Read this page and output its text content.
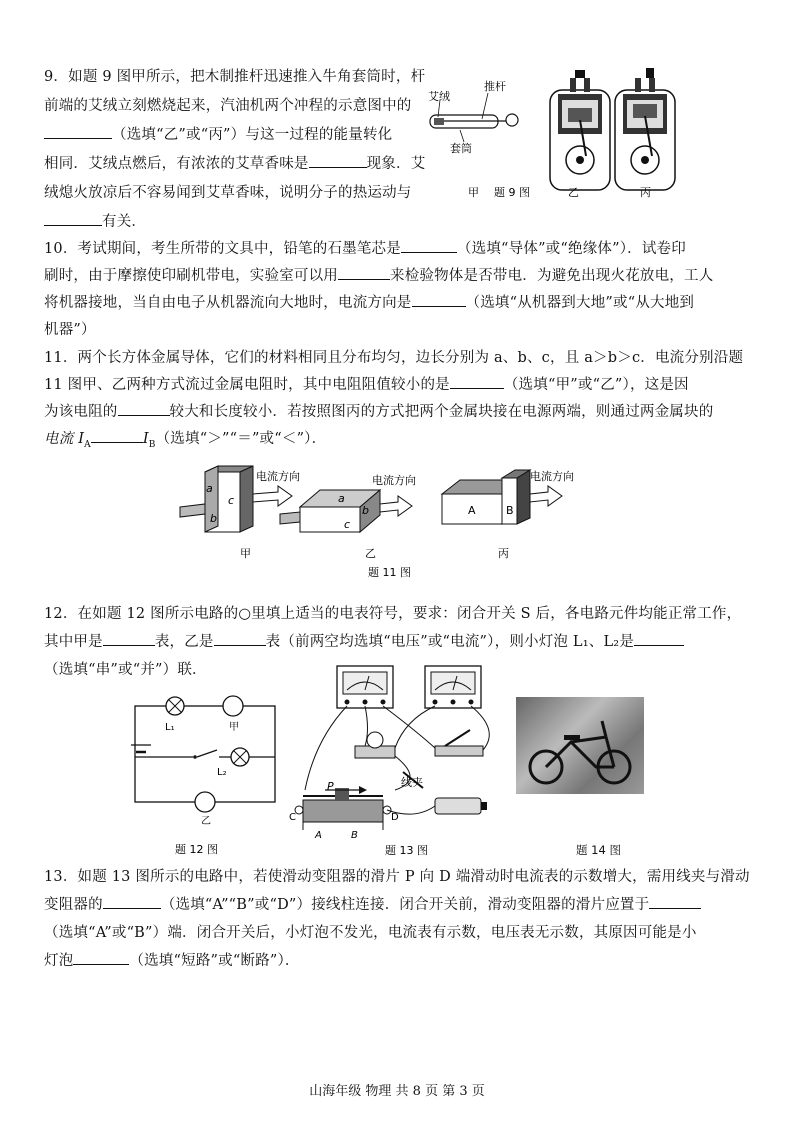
9．如题 9 图甲所示，把木制推杆迅速推入牛角套筒时，杆
前端的艾绒立刻燃烧起来，汽油机两个冲程的示意图中的
（选填“乙”或“丙”）与这一过程的能量转化
相同．艾绒点燃后，有浓浓的艾草香味是	现象．艾
绒熄火放凉后不容易闻到艾草香味，说明分子的热运动与
有关．
艾绒
推杆
套筒
甲 题 9 图	乙	丙
10．考试期间，考生所带的文具中，铅笔的石墨笔芯是	（选填“导体”或“绝缘体”）．试卷印
刷时，由于摩擦使印刷机带电，实验室可以用	来检验物体是否带电．为避免出现火花放电，工人
将机器接地，当自由电子从机器流向大地时，电流方向是	（选填“从机器到大地”或“从大地到
机器”）
11．两个长方体金属导体，它们的材料相同且分布均匀，边长分别为 a、b、c，且 a＞b＞c．电流分别沿题
11 图甲、乙两种方式流过金属电阻时，其中电阻阻值较小的是	（选填“甲”或“乙”），这是因
为该电阻的	较大和长度较小．若按照图丙的方式把两个金属块接在电源两端，则通过两金属块的
电流 $I_A$	$I_B$（选填“＞”“＝”或“＜”）．
a
c
b
电流方向
甲
a
b
c
电流方向
乙
A	B
电流方向
丙
题 11 图
12．在如题 12 图所示电路的○里填上适当的电表符号，要求：闭合开关 S 后，各电路元件均能正常工作，
其中甲是	表，乙是	表（前两空均选填“电压”或“电流”），则小灯泡 L₁、L₂是
（选填“串”或“并”）联．
L₁	甲
L₂
乙
题 12 图
P
C	D
A	B
线夹
题 13 图	题 14 图
13．如题 13 图所示的电路中，若使滑动变阻器的滑片 P 向 D 端滑动时电流表的示数增大，需用线夹与滑动
变阻器的	（选填“A”“B”或“D”）接线柱连接．闭合开关前，滑动变阻器的滑片应置于
（选填“A”或“B”）端．闭合开关后，小灯泡不发光，电流表有示数，电压表无示数，其原因可能是小
灯泡	（选填“短路”或“断路”）．
山海年级 物理 共 8 页 第 3 页
